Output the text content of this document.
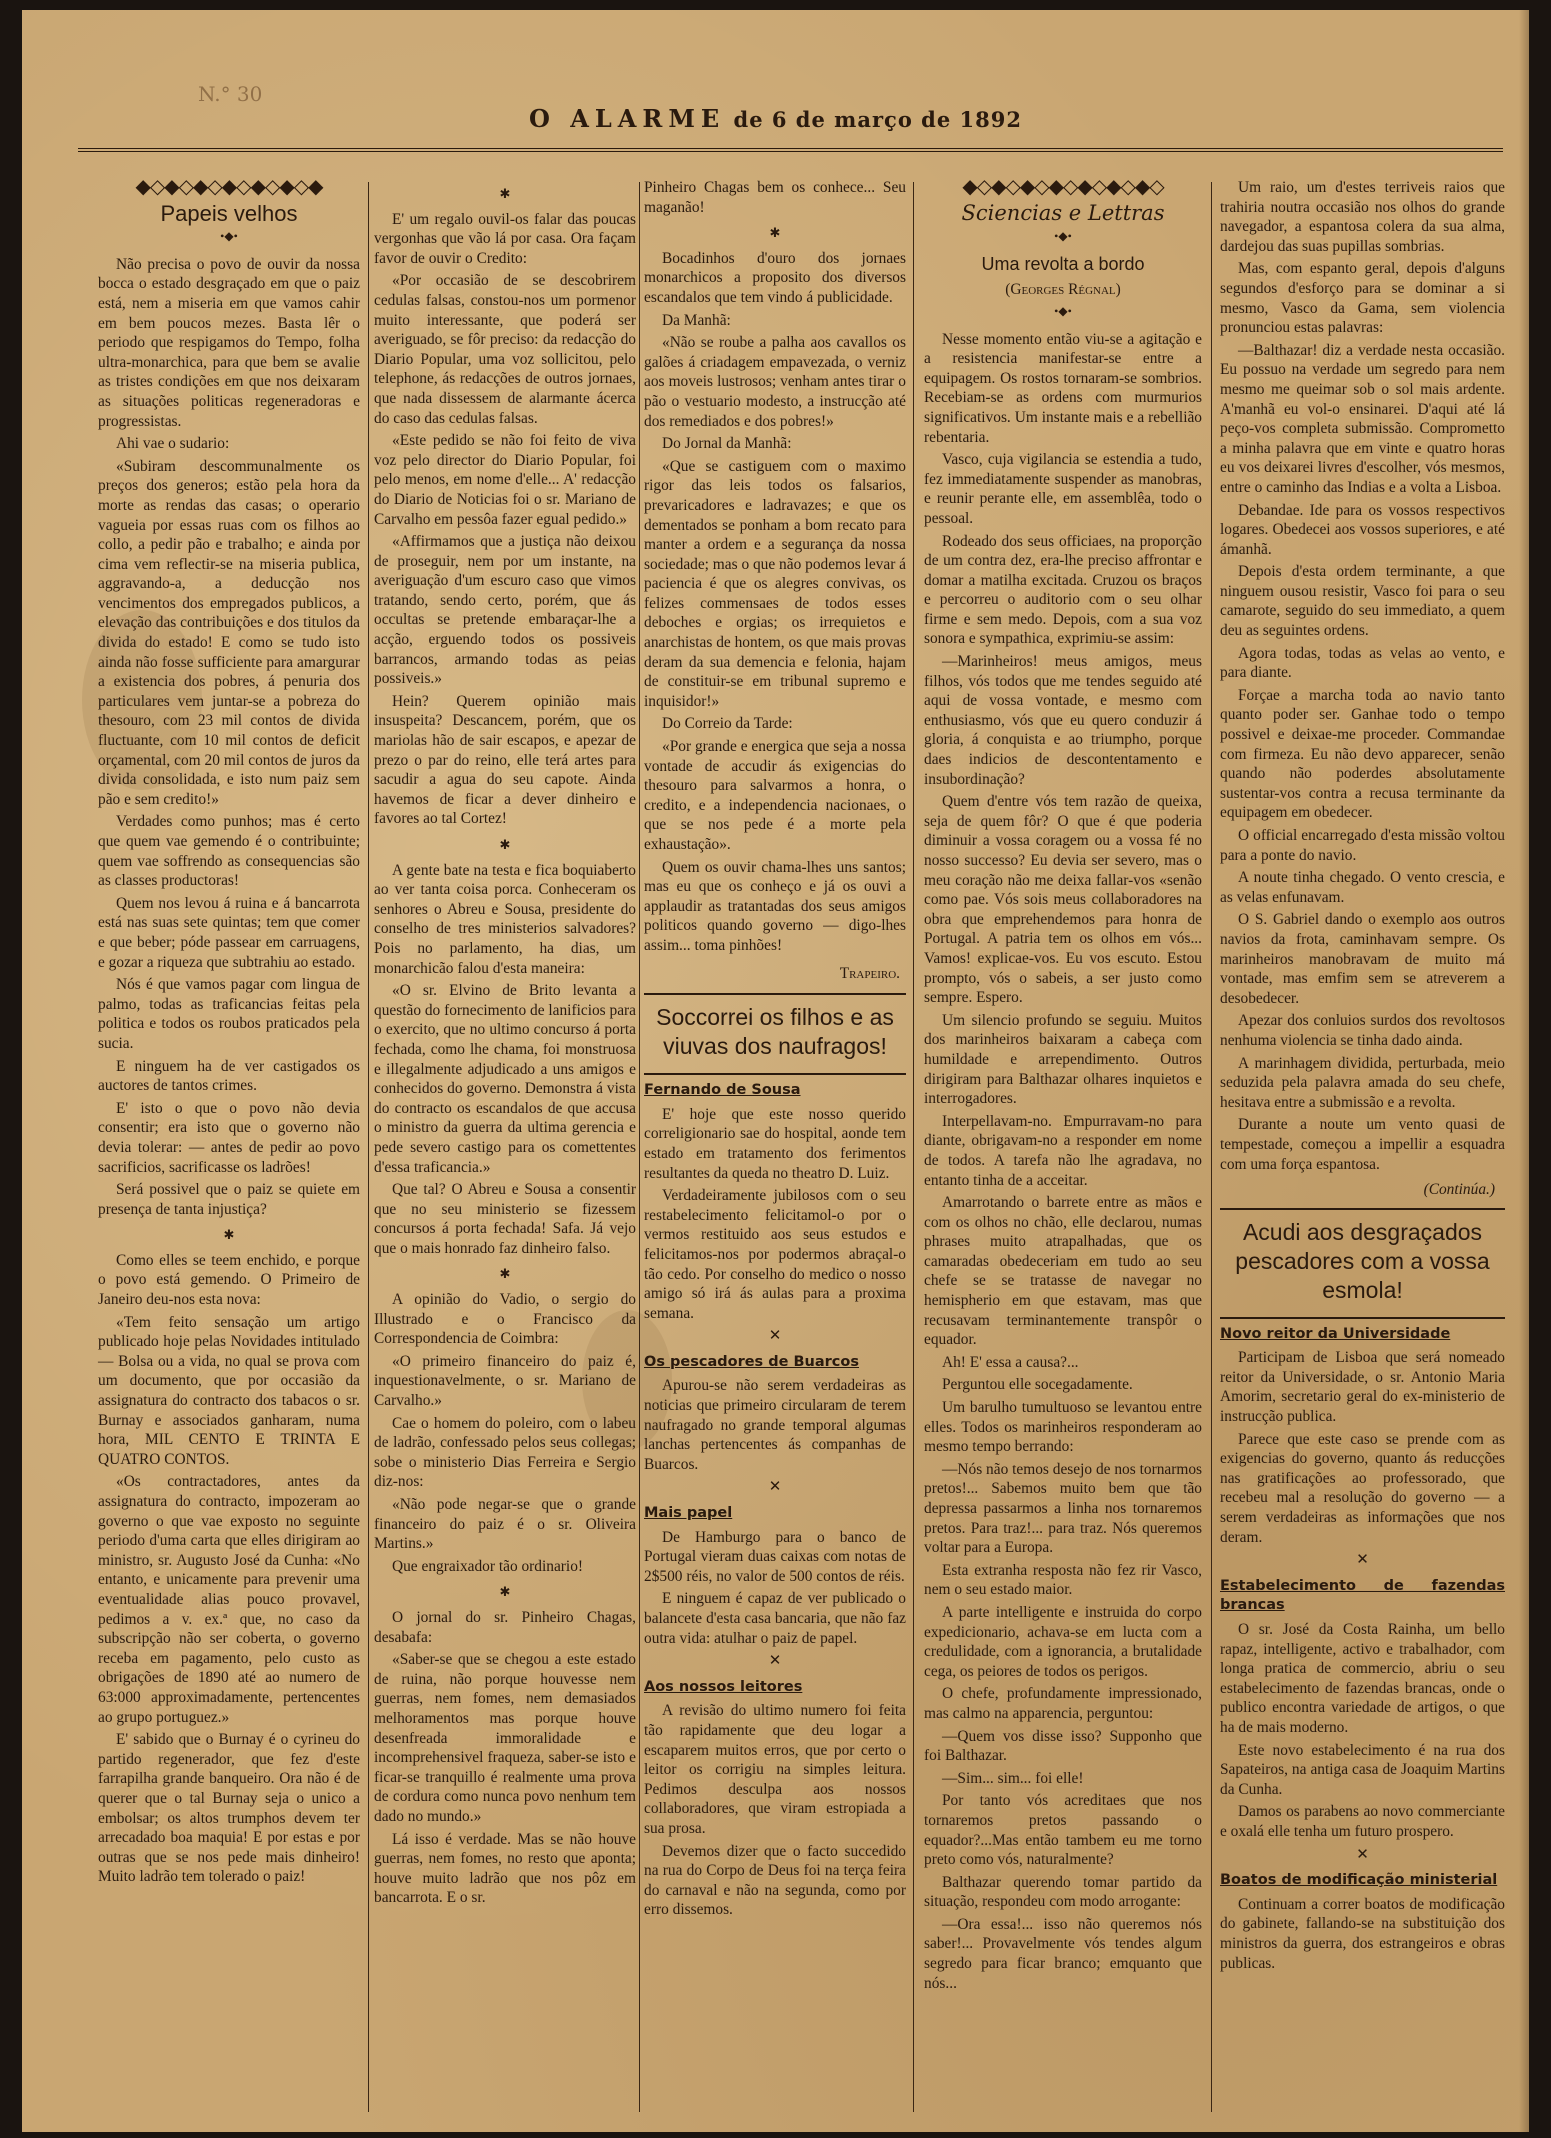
N.° 30
O ALARME de 6 de março de 1892
◆◇◆◇◆◇◆◇◆◇◆◇◆
Papeis velhos
•◆•

Não precisa o povo de ouvir da nossa bocca o estado desgraçado em que o paiz está, nem a miseria em que vamos cahir em bem poucos mezes. Basta lêr o periodo que respigamos do Tempo, folha ultra-monarchica, para que bem se avalie as tristes condições em que nos deixaram as situações politicas regeneradoras e progressistas.

Ahi vae o sudario:

«Subiram descommunalmente os preços dos generos; estão pela hora da morte as rendas das casas; o operario vagueia por essas ruas com os filhos ao collo, a pedir pão e trabalho; e ainda por cima vem reflectir-se na miseria publica, aggravando-a, a deducção nos vencimentos dos empregados publicos, a elevação das contribuições e dos titulos da divida do estado! E como se tudo isto ainda não fosse sufficiente para amargurar a existencia dos pobres, á penuria dos particulares vem juntar-se a pobreza do thesouro, com 23 mil contos de divida fluctuante, com 10 mil contos de deficit orçamental, com 20 mil contos de juros da divida consolidada, e isto num paiz sem pão e sem credito!»

Verdades como punhos; mas é certo que quem vae gemendo é o contribuinte; quem vae soffrendo as consequencias são as classes productoras!

Quem nos levou á ruina e á bancarrota está nas suas sete quintas; tem que comer e que beber; póde passear em carruagens, e gozar a riqueza que subtrahiu ao estado.

Nós é que vamos pagar com lingua de palmo, todas as traficancias feitas pela politica e todos os roubos praticados pela sucia.

E ninguem ha de ver castigados os auctores de tantos crimes.

E' isto o que o povo não devia consentir; era isto que o governo não devia tolerar: — antes de pedir ao povo sacrificios, sacrificasse os ladrões!

Será possivel que o paiz se quiete em presença de tanta injustiça?

✱

Como elles se teem enchido, e porque o povo está gemendo. O Primeiro de Janeiro deu-nos esta nova:

«Tem feito sensação um artigo publicado hoje pelas Novidades intitulado — Bolsa ou a vida, no qual se prova com um documento, que por occasião da assignatura do contracto dos tabacos o sr. Burnay e associados ganharam, numa hora, MIL CENTO E TRINTA E QUATRO CONTOS.

«Os contractadores, antes da assignatura do contracto, impozeram ao governo o que vae exposto no seguinte periodo d'uma carta que elles dirigiram ao ministro, sr. Augusto José da Cunha: «No entanto, e unicamente para prevenir uma eventualidade alias pouco provavel, pedimos a v. ex.ª que, no caso da subscripção não ser coberta, o governo receba em pagamento, pelo custo as obrigações de 1890 até ao numero de 63:000 approximadamente, pertencentes ao grupo portuguez.»

E' sabido que o Burnay é o cyrineu do partido regenerador, que fez d'este farrapilha grande banqueiro. Ora não é de querer que o tal Burnay seja o unico a embolsar; os altos trumphos devem ter arrecadado boa maquia! E por estas e por outras que se nos pede mais dinheiro! Muito ladrão tem tolerado o paiz!

✱

E' um regalo ouvil-os falar das poucas vergonhas que vão lá por casa. Ora façam favor de ouvir o Credito:

«Por occasião de se descobrirem cedulas falsas, constou-nos um pormenor muito interessante, que poderá ser averiguado, se fôr preciso: da redacção do Diario Popular, uma voz sollicitou, pelo telephone, ás redacções de outros jornaes, que nada dissessem de alarmante ácerca do caso das cedulas falsas.

«Este pedido se não foi feito de viva voz pelo director do Diario Popular, foi pelo menos, em nome d'elle... A' redacção do Diario de Noticias foi o sr. Mariano de Carvalho em pessôa fazer egual pedido.»

«Affirmamos que a justiça não deixou de proseguir, nem por um instante, na averiguação d'um escuro caso que vimos tratando, sendo certo, porém, que ás occultas se pretende embaraçar-lhe a acção, erguendo todos os possiveis barrancos, armando todas as peias possiveis.»

Hein? Querem opinião mais insuspeita? Descancem, porém, que os mariolas hão de sair escapos, e apezar de prezo o par do reino, elle terá artes para sacudir a agua do seu capote. Ainda havemos de ficar a dever dinheiro e favores ao tal Cortez!

✱

A gente bate na testa e fica boquiaberto ao ver tanta coisa porca. Conheceram os senhores o Abreu e Sousa, presidente do conselho de tres ministerios salvadores? Pois no parlamento, ha dias, um monarchicão falou d'esta maneira:

«O sr. Elvino de Brito levanta a questão do fornecimento de lanificios para o exercito, que no ultimo concurso á porta fechada, como lhe chama, foi monstruosa e illegalmente adjudicado a uns amigos e conhecidos do governo. Demonstra á vista do contracto os escandalos de que accusa o ministro da guerra da ultima gerencia e pede severo castigo para os comettentes d'essa traficancia.»

Que tal? O Abreu e Sousa a consentir que no seu ministerio se fizessem concursos á porta fechada! Safa. Já vejo que o mais honrado faz dinheiro falso.

✱

A opinião do Vadio, o sergio do Illustrado e o Francisco da Correspondencia de Coimbra:

«O primeiro financeiro do paiz é, inquestionavelmente, o sr. Mariano de Carvalho.»

Cae o homem do poleiro, com o labeu de ladrão, confessado pelos seus collegas; sobe o ministerio Dias Ferreira e Sergio diz-nos:

«Não pode negar-se que o grande financeiro do paiz é o sr. Oliveira Martins.»

Que engraixador tão ordinario!

✱

O jornal do sr. Pinheiro Chagas, desabafa:

«Saber-se que se chegou a este estado de ruina, não porque houvesse nem guerras, nem fomes, nem demasiados melhoramentos mas porque houve desenfreada immoralidade e incomprehensivel fraqueza, saber-se isto e ficar-se tranquillo é realmente uma prova de cordura como nunca povo nenhum tem dado no mundo.»

Lá isso é verdade. Mas se não houve guerras, nem fomes, no resto que aponta; houve muito ladrão que nos pôz em bancarrota. E o sr.

Pinheiro Chagas bem os conhece... Seu maganão!

✱

Bocadinhos d'ouro dos jornaes monarchicos a proposito dos diversos escandalos que tem vindo á publicidade.

Da Manhã:

«Não se roube a palha aos cavallos os galões á criadagem empavezada, o verniz aos moveis lustrosos; venham antes tirar o pão o vestuario modesto, a instrucção até dos remediados e dos pobres!»

Do Jornal da Manhã:

«Que se castiguem com o maximo rigor das leis todos os falsarios, prevaricadores e ladravazes; e que os dementados se ponham a bom recato para manter a ordem e a segurança da nossa sociedade; mas o que não podemos levar á paciencia é que os alegres convivas, os felizes commensaes de todos esses deboches e orgias; os irrequietos e anarchistas de hontem, os que mais provas deram da sua demencia e felonia, hajam de constituir-se em tribunal supremo e inquisidor!»

Do Correio da Tarde:

«Por grande e energica que seja a nossa vontade de accudir ás exigencias do thesouro para salvarmos a honra, o credito, e a independencia nacionaes, o que se nos pede é a morte pela exhaustação».

Quem os ouvir chama-lhes uns santos; mas eu que os conheço e já os ouvi a applaudir as tratantadas dos seus amigos politicos quando governo — digo-lhes assim... toma pinhões!

Trapeiro.
Soccorrei os filhos e as viuvas dos naufragos!
Fernando de Sousa

E' hoje que este nosso querido correligionario sae do hospital, aonde tem estado em tratamento dos ferimentos resultantes da queda no theatro D. Luiz.

Verdadeiramente jubilosos com o seu restabelecimento felicitamol-o por o vermos restituido aos seus estudos e felicitamos-nos por podermos abraçal-o tão cedo. Por conselho do medico o nosso amigo só irá ás aulas para a proxima semana.

✕
Os pescadores de Buarcos

Apurou-se não serem verdadeiras as noticias que primeiro circularam de terem naufragado no grande temporal algumas lanchas pertencentes ás companhas de Buarcos.

✕
Mais papel

De Hamburgo para o banco de Portugal vieram duas caixas com notas de 2$500 réis, no valor de 500 contos de réis.

E ninguem é capaz de ver publicado o balancete d'esta casa bancaria, que não faz outra vida: atulhar o paiz de papel.

✕
Aos nossos leitores

A revisão do ultimo numero foi feita tão rapidamente que deu logar a escaparem muitos erros, que por certo o leitor os corrigiu na simples leitura. Pedimos desculpa aos nossos collaboradores, que viram estropiada a sua prosa.

Devemos dizer que o facto succedido na rua do Corpo de Deus foi na terça feira do carnaval e não na segunda, como por erro dissemos.

◆◇◆◇◆◇◆◇◆◇◆◇◆◇
Sciencias e Lettras
•◆•
Uma revolta a bordo
(Georges Régnal)
•◆•

Nesse momento então viu-se a agitação e a resistencia manifestar-se entre a equipagem. Os rostos tornaram-se sombrios. Recebiam-se as ordens com murmurios significativos. Um instante mais e a rebellião rebentaria.

Vasco, cuja vigilancia se estendia a tudo, fez immediatamente suspender as manobras, e reunir perante elle, em assemblêa, todo o pessoal.

Rodeado dos seus officiaes, na proporção de um contra dez, era-lhe preciso affrontar e domar a matilha excitada. Cruzou os braços e percorreu o auditorio com o seu olhar firme e sem medo. Depois, com a sua voz sonora e sympathica, exprimiu-se assim:

—Marinheiros! meus amigos, meus filhos, vós todos que me tendes seguido até aqui de vossa vontade, e mesmo com enthusiasmo, vós que eu quero conduzir á gloria, á conquista e ao triumpho, porque daes indicios de descontentamento e insubordinação?

Quem d'entre vós tem razão de queixa, seja de quem fôr? O que é que poderia diminuir a vossa coragem ou a vossa fé no nosso successo? Eu devia ser severo, mas o meu coração não me deixa fallar-vos «senão como pae. Vós sois meus collaboradores na obra que emprehendemos para honra de Portugal. A patria tem os olhos em vós... Vamos! explicae-vos. Eu vos escuto. Estou prompto, vós o sabeis, a ser justo como sempre. Espero.

Um silencio profundo se seguiu. Muitos dos marinheiros baixaram a cabeça com humildade e arrependimento. Outros dirigiram para Balthazar olhares inquietos e interrogadores.

Interpellavam-no. Empurravam-no para diante, obrigavam-no a responder em nome de todos. A tarefa não lhe agradava, no entanto tinha de a acceitar.

Amarrotando o barrete entre as mãos e com os olhos no chão, elle declarou, numas phrases muito atrapalhadas, que os camaradas obedeceriam em tudo ao seu chefe se se tratasse de navegar no hemispherio em que estavam, mas que recusavam terminantemente transpôr o equador.

Ah! E' essa a causa?...

Perguntou elle socegadamente.

Um barulho tumultuoso se levantou entre elles. Todos os marinheiros responderam ao mesmo tempo berrando:

—Nós não temos desejo de nos tornarmos pretos!... Sabemos muito bem que tão depressa passarmos a linha nos tornaremos pretos. Para traz!... para traz. Nós queremos voltar para a Europa.

Esta extranha resposta não fez rir Vasco, nem o seu estado maior.

A parte intelligente e instruida do corpo expedicionario, achava-se em lucta com a credulidade, com a ignorancia, a brutalidade cega, os peiores de todos os perigos.

O chefe, profundamente impressionado, mas calmo na apparencia, perguntou:

—Quem vos disse isso? Supponho que foi Balthazar.

—Sim... sim... foi elle!

Por tanto vós acreditaes que nos tornaremos pretos passando o equador?...Mas então tambem eu me torno preto como vós, naturalmente?

Balthazar querendo tomar partido da situação, respondeu com modo arrogante:

—Ora essa!... isso não queremos nós saber!... Provavelmente vós tendes algum segredo para ficar branco; emquanto que nós...

Um raio, um d'estes terriveis raios que trahiria noutra occasião nos olhos do grande navegador, a espantosa colera da sua alma, dardejou das suas pupillas sombrias.

Mas, com espanto geral, depois d'alguns segundos d'esforço para se dominar a si mesmo, Vasco da Gama, sem violencia pronunciou estas palavras:

—Balthazar! diz a verdade nesta occasião. Eu possuo na verdade um segredo para nem mesmo me queimar sob o sol mais ardente. A'manhã eu vol-o ensinarei. D'aqui até lá peço-vos completa submissão. Comprometto a minha palavra que em vinte e quatro horas eu vos deixarei livres d'escolher, vós mesmos, entre o caminho das Indias e a volta a Lisboa.

Debandae. Ide para os vossos respectivos logares. Obedecei aos vossos superiores, e até ámanhã.

Depois d'esta ordem terminante, a que ninguem ousou resistir, Vasco foi para o seu camarote, seguido do seu immediato, a quem deu as seguintes ordens.

Agora todas, todas as velas ao vento, e para diante.

Forçae a marcha toda ao navio tanto quanto poder ser. Ganhae todo o tempo possivel e deixae-me proceder. Commandae com firmeza. Eu não devo apparecer, senão quando não poderdes absolutamente sustentar-vos contra a recusa terminante da equipagem em obedecer.

O official encarregado d'esta missão voltou para a ponte do navio.

A noute tinha chegado. O vento crescia, e as velas enfunavam.

O S. Gabriel dando o exemplo aos outros navios da frota, caminhavam sempre. Os marinheiros manobravam de muito má vontade, mas emfim sem se atreverem a desobedecer.

Apezar dos conluios surdos dos revoltosos nenhuma violencia se tinha dado ainda.

A marinhagem dividida, perturbada, meio seduzida pela palavra amada do seu chefe, hesitava entre a submissão e a revolta.

Durante a noute um vento quasi de tempestade, começou a impellir a esquadra com uma força espantosa.

(Continúa.)
Acudi aos desgraçados pescadores com a vossa esmola!
Novo reitor da Universidade

Participam de Lisboa que será nomeado reitor da Universidade, o sr. Antonio Maria Amorim, secretario geral do ex-ministerio de instrucção publica.

Parece que este caso se prende com as exigencias do governo, quanto ás reducções nas gratificações ao professorado, que recebeu mal a resolução do governo — a serem verdadeiras as informações que nos deram.

✕
Estabelecimento de fazendas brancas

O sr. José da Costa Rainha, um bello rapaz, intelligente, activo e trabalhador, com longa pratica de commercio, abriu o seu estabelecimento de fazendas brancas, onde o publico encontra variedade de artigos, o que ha de mais moderno.

Este novo estabelecimento é na rua dos Sapateiros, na antiga casa de Joaquim Martins da Cunha.

Damos os parabens ao novo commerciante e oxalá elle tenha um futuro prospero.

✕
Boatos de modificação ministerial

Continuam a correr boatos de modificação do gabinete, fallando-se na substituição dos ministros da guerra, dos estrangeiros e obras publicas.
